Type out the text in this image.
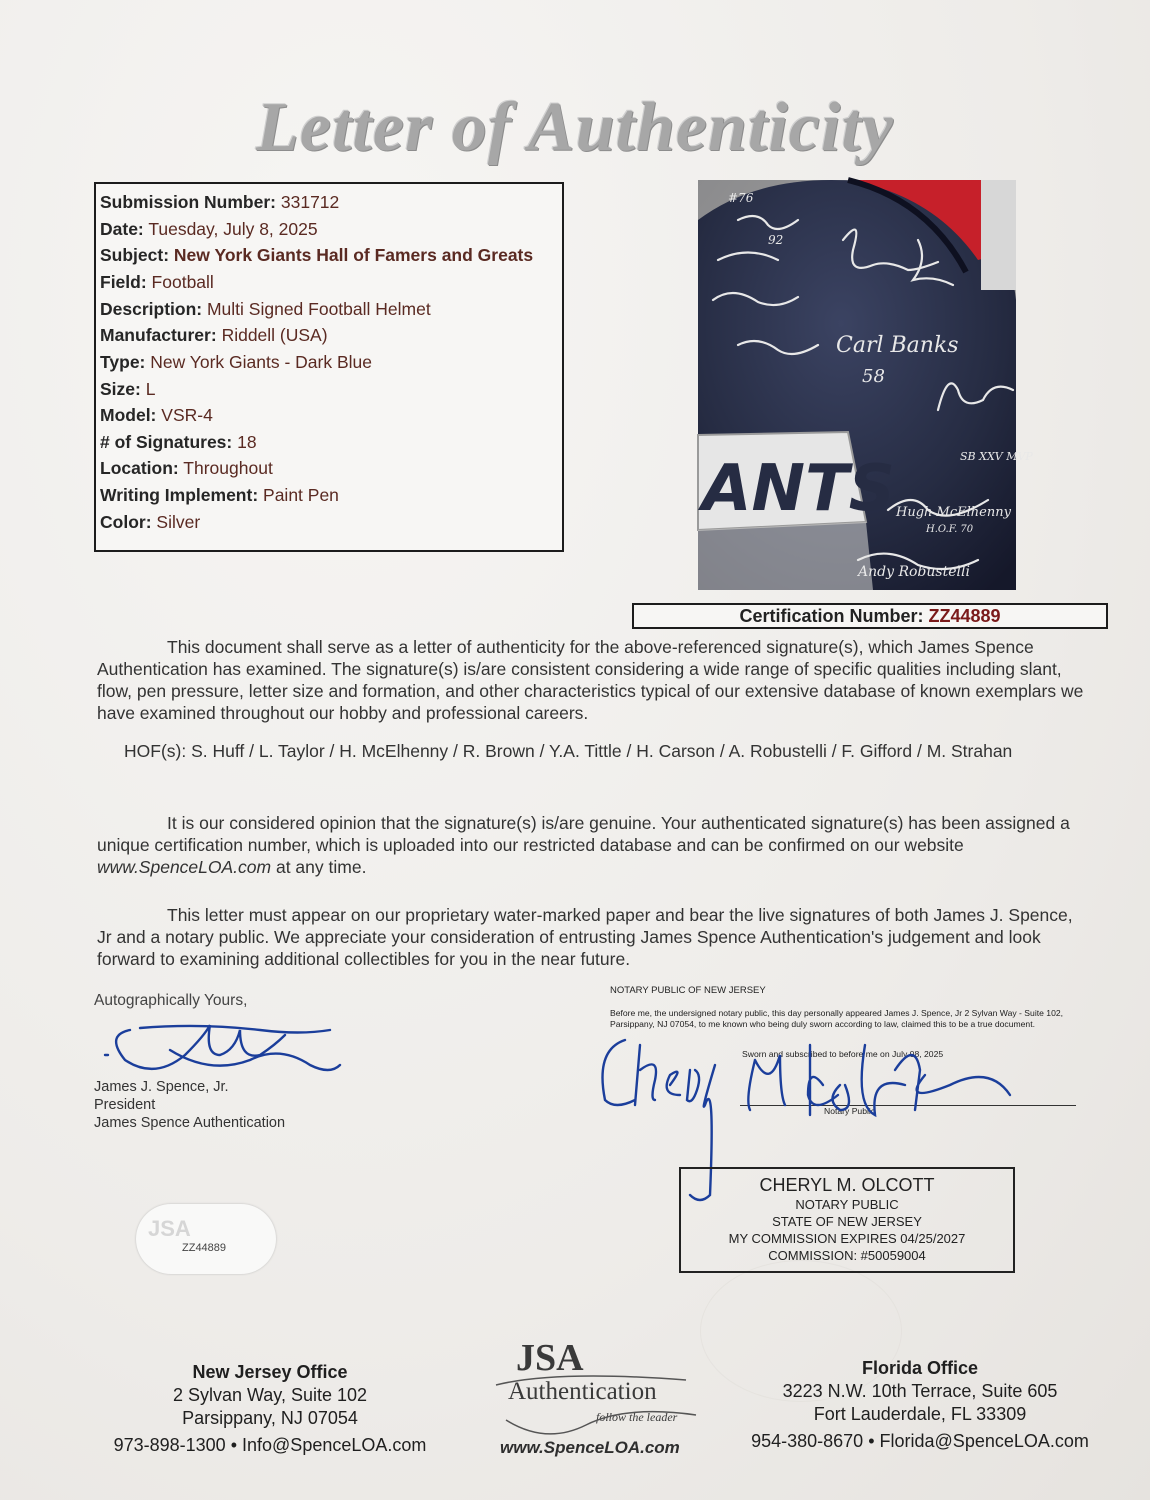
Letter of Authenticity
Submission Number: 331712
Date: Tuesday, July 8, 2025
Subject: New York Giants Hall of Famers and Greats
Field: Football
Description: Multi Signed Football Helmet
Manufacturer: Riddell (USA)
Type: New York Giants - Dark Blue
Size: L
Model: VSR-4
# of Signatures: 18
Location: Throughout
Writing Implement: Paint Pen
Color: Silver
Carl Banks
58
SB XXV MVP
Hugh McElhenny
H.O.F. 70
Andy Robustelli
#76
92
ANTS
Certification Number: ZZ44889
This document shall serve as a letter of authenticity for the above-referenced signature(s), which James Spence Authentication has examined. The signature(s) is/are consistent considering a wide range of specific qualities including slant, flow, pen pressure, letter size and formation, and other characteristics typical of our extensive database of known exemplars we have examined throughout our hobby and professional careers.
HOF(s): S. Huff / L. Taylor / H. McElhenny / R. Brown / Y.A. Tittle / H. Carson / A. Robustelli / F. Gifford / M. Strahan
It is our considered opinion that the signature(s) is/are genuine. Your authenticated signature(s) has been assigned a unique certification number, which is uploaded into our restricted database and can be confirmed on our website www.SpenceLOA.com at any time.
This letter must appear on our proprietary water-marked paper and bear the live signatures of both James J. Spence, Jr and a notary public. We appreciate your consideration of entrusting James Spence Authentication's judgement and look forward to examining additional collectibles for you in the near future.
Autographically Yours,
James J. Spence, Jr.
President
James Spence Authentication
JSA
ZZ44889
NOTARY PUBLIC OF NEW JERSEY
Before me, the undersigned notary public, this day personally appeared James J. Spence, Jr 2 Sylvan Way - Suite 102, Parsippany, NJ 07054, to me known who being duly sworn according to law, claimed this to be a true document.
Sworn and subscribed to before me on July 08, 2025
Notary Public
CHERYL M. OLCOTT
NOTARY PUBLIC
STATE OF NEW JERSEY
MY COMMISSION EXPIRES 04/25/2027
COMMISSION: #50059004
New Jersey Office
2 Sylvan Way, Suite 102
Parsippany, NJ 07054
973-898-1300 • Info@SpenceLOA.com
JSA
Authentication
follow the leader
www.SpenceLOA.com
Florida Office
3223 N.W. 10th Terrace, Suite 605
Fort Lauderdale, FL 33309
954-380-8670 • Florida@SpenceLOA.com
